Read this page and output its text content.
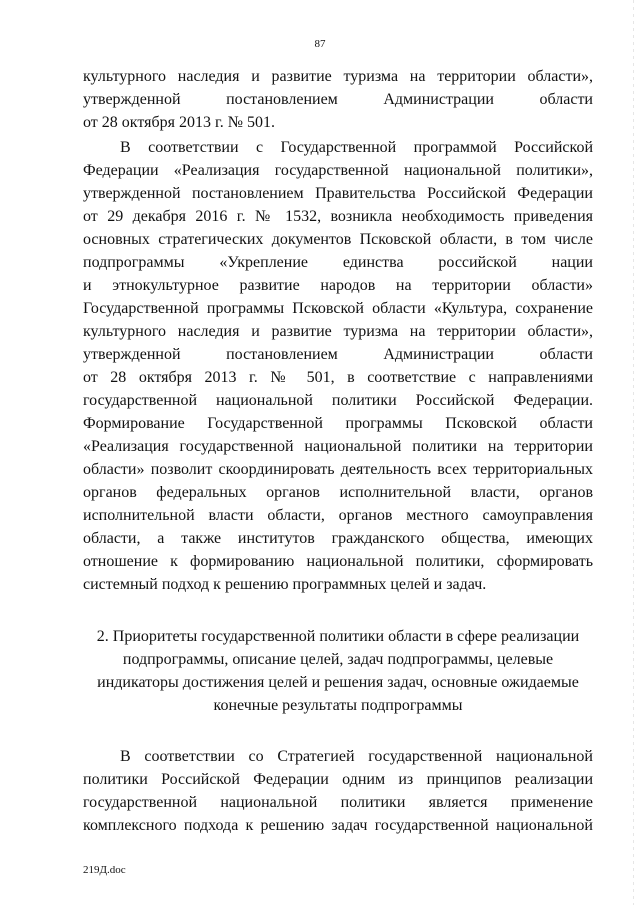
87
культурного наследия и развитие туризма на территории области»,
утвержденной постановлением Администрации области
от 28 октября 2013 г. № 501.
В соответствии с Государственной программой Российской
Федерации «Реализация государственной национальной политики»,
утвержденной постановлением Правительства Российской Федерации
от 29 декабря 2016 г. № 1532, возникла необходимость приведения
основных стратегических документов Псковской области, в том числе
подпрограммы «Укрепление единства российской нации
и этнокультурное развитие народов на территории области»
Государственной программы Псковской области «Культура, сохранение
культурного наследия и развитие туризма на территории области»,
утвержденной постановлением Администрации области
от 28 октября 2013 г. № 501, в соответствие с направлениями
государственной национальной политики Российской Федерации.
Формирование Государственной программы Псковской области
«Реализация государственной национальной политики на территории
области» позволит скоординировать деятельность всех территориальных
органов федеральных органов исполнительной власти, органов
исполнительной власти области, органов местного самоуправления
области, а также институтов гражданского общества, имеющих
отношение к формированию национальной политики, сформировать
системный подход к решению программных целей и задач.
2. Приоритеты государственной политики области в сфере реализации
подпрограммы, описание целей, задач подпрограммы, целевые
индикаторы достижения целей и решения задач, основные ожидаемые
конечные результаты подпрограммы
В соответствии со Стратегией государственной национальной
политики Российской Федерации одним из принципов реализации
государственной национальной политики является применение
комплексного подхода к решению задач государственной национальной
219Д.doc
